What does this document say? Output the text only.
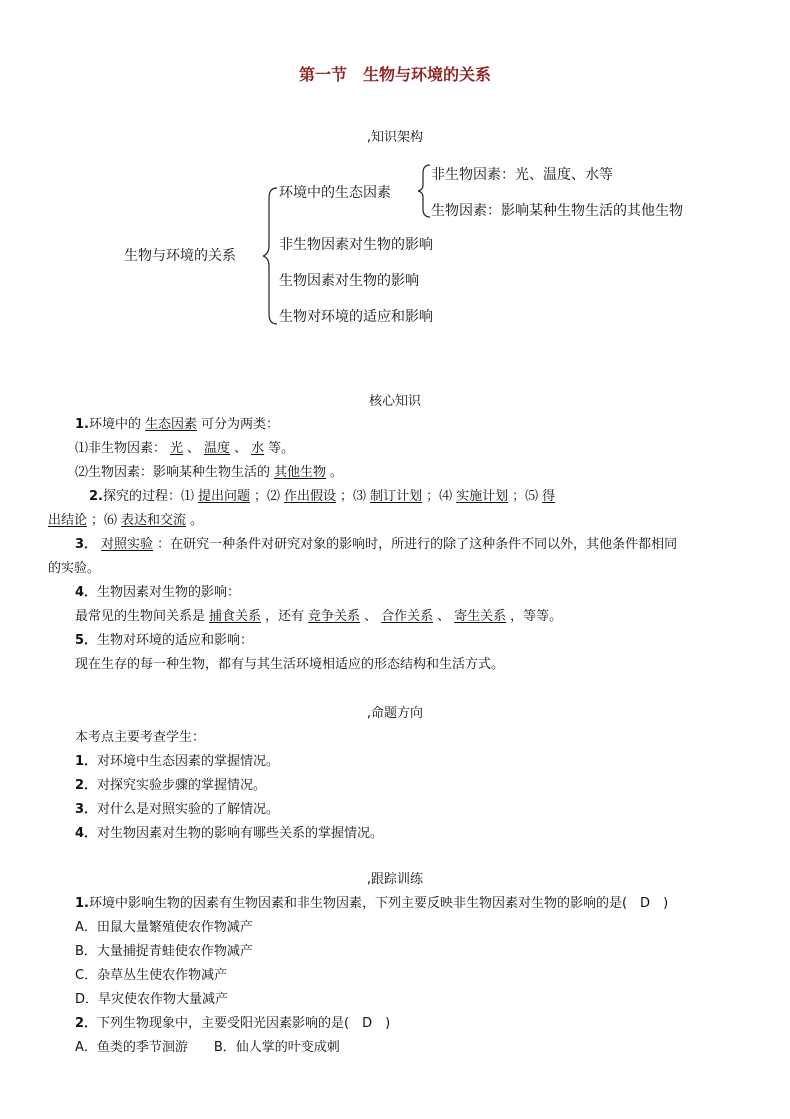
第一节　生物与环境的关系
,知识架构
生物与环境的关系
环境中的生态因素
非生物因素：光、温度、水等
生物因素：影响某种生物生活的其他生物
非生物因素对生物的影响
生物因素对生物的影响
生物对环境的适应和影响
核心知识
1.环境中的 生态因素 可分为两类：
⑴非生物因素： 光 、 温度 、 水 等。
⑵生物因素：影响某种生物生活的 其他生物 。
2.探究的过程：⑴ 提出问题 ；⑵ 作出假设 ；⑶ 制订计划 ；⑷ 实施计划 ；⑸ 得
出结论 ；⑹ 表达和交流 。
3． 对照实验 ：在研究一种条件对研究对象的影响时，所进行的除了这种条件不同以外，其他条件都相同
的实验。
4．生物因素对生物的影响：
最常见的生物间关系是 捕食关系 ，还有 竞争关系 、 合作关系 、 寄生关系 ，等等。
5．生物对环境的适应和影响：
现在生存的每一种生物，都有与其生活环境相适应的形态结构和生活方式。
,命题方向
本考点主要考查学生：
1．对环境中生态因素的掌握情况。
2．对探究实验步骤的掌握情况。
3．对什么是对照实验的了解情况。
4．对生物因素对生物的影响有哪些关系的掌握情况。
,跟踪训练
1.环境中影响生物的因素有生物因素和非生物因素，下列主要反映非生物因素对生物的影响的是(　D　)
A．田鼠大量繁殖使农作物减产
B．大量捕捉青蛙使农作物减产
C．杂草丛生使农作物减产
D．旱灾使农作物大量减产
2．下列生物现象中，主要受阳光因素影响的是(　D　)
A．鱼类的季节洄游　　B．仙人掌的叶变成刺
